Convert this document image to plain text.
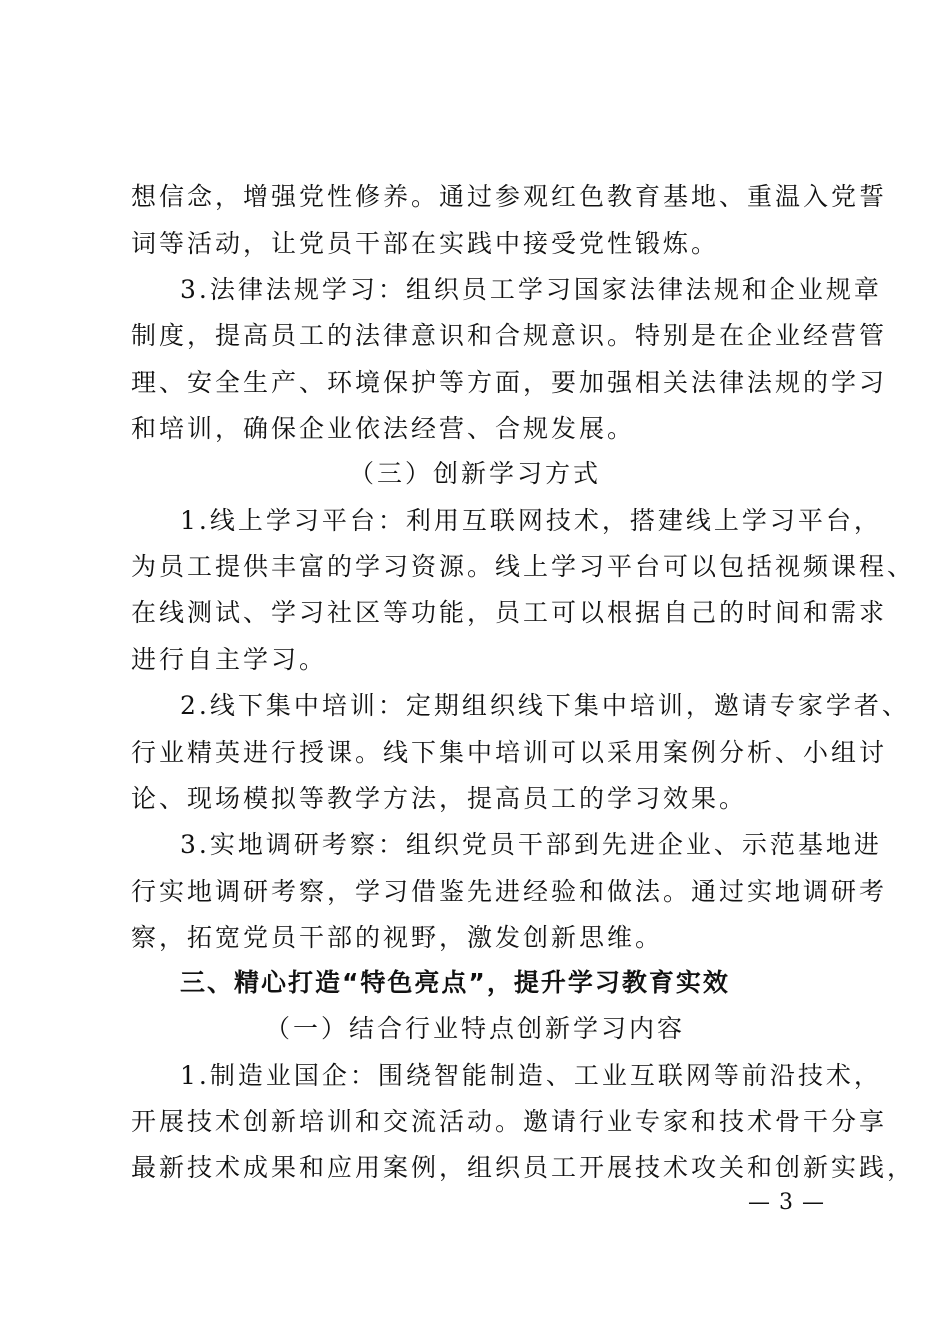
想信念，增强党性修养。通过参观红色教育基地、重温入党誓
词等活动，让党员干部在实践中接受党性锻炼。
3.法律法规学习：组织员工学习国家法律法规和企业规章
制度，提高员工的法律意识和合规意识。特别是在企业经营管
理、安全生产、环境保护等方面，要加强相关法律法规的学习
和培训，确保企业依法经营、合规发展。
（三）创新学习方式
1.线上学习平台：利用互联网技术，搭建线上学习平台，
为员工提供丰富的学习资源。线上学习平台可以包括视频课程、
在线测试、学习社区等功能，员工可以根据自己的时间和需求
进行自主学习。
2.线下集中培训：定期组织线下集中培训，邀请专家学者、
行业精英进行授课。线下集中培训可以采用案例分析、小组讨
论、现场模拟等教学方法，提高员工的学习效果。
3.实地调研考察：组织党员干部到先进企业、示范基地进
行实地调研考察，学习借鉴先进经验和做法。通过实地调研考
察，拓宽党员干部的视野，激发创新思维。
三、精心打造“特色亮点”，提升学习教育实效
（一）结合行业特点创新学习内容
1.制造业国企：围绕智能制造、工业互联网等前沿技术，
开展技术创新培训和交流活动。邀请行业专家和技术骨干分享
最新技术成果和应用案例，组织员工开展技术攻关和创新实践，
— 3 —
